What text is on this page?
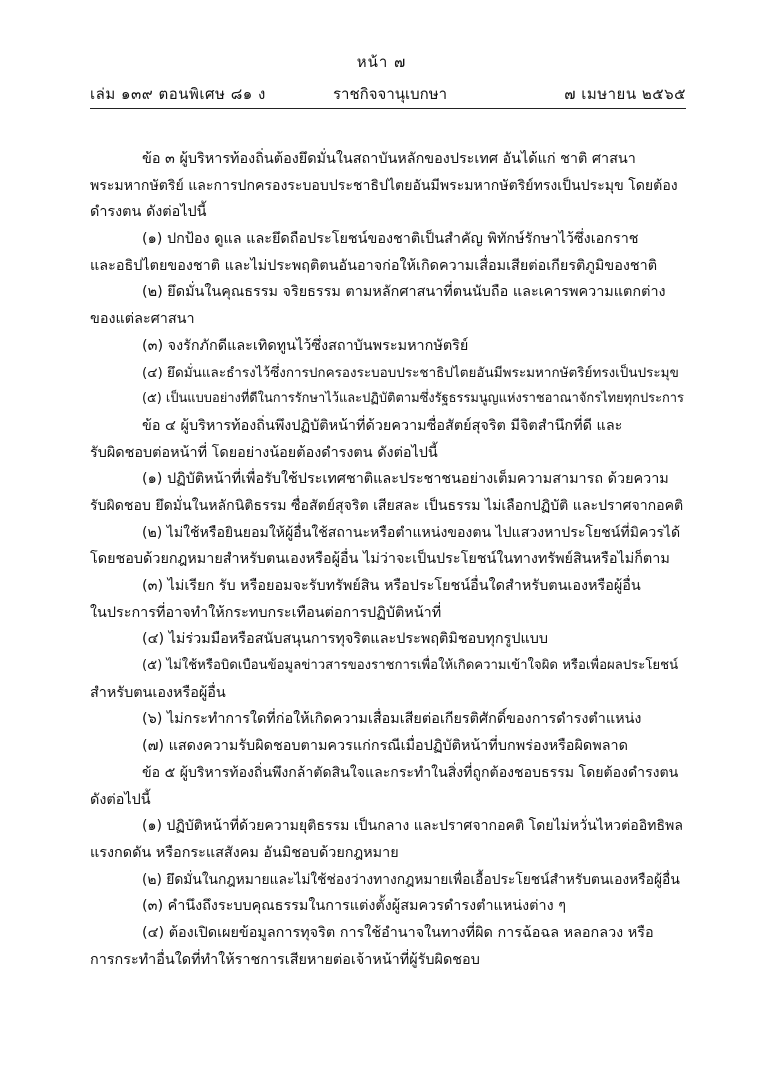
หน้า ๗
เล่ม ๑๓๙ ตอนพิเศษ ๘๑ ง	ราชกิจจานุเบกษา	๗ เมษายน ๒๕๖๕
ข้อ ๓ ผู้บริหารท้องถิ่นต้องยึดมั่นในสถาบันหลักของประเทศ อันได้แก่ ชาติ ศาสนา
พระมหากษัตริย์ และการปกครองระบอบประชาธิปไตยอันมีพระมหากษัตริย์ทรงเป็นประมุข โดยต้อง
ดำรงตน ดังต่อไปนี้
(๑) ปกป้อง ดูแล และยึดถือประโยชน์ของชาติเป็นสำคัญ พิทักษ์รักษาไว้ซึ่งเอกราช
และอธิปไตยของชาติ และไม่ประพฤติตนอันอาจก่อให้เกิดความเสื่อมเสียต่อเกียรติภูมิของชาติ
(๒) ยึดมั่นในคุณธรรม จริยธรรม ตามหลักศาสนาที่ตนนับถือ และเคารพความแตกต่าง
ของแต่ละศาสนา
(๓) จงรักภักดีและเทิดทูนไว้ซึ่งสถาบันพระมหากษัตริย์
(๔) ยึดมั่นและธำรงไว้ซึ่งการปกครองระบอบประชาธิปไตยอันมีพระมหากษัตริย์ทรงเป็นประมุข
(๕) เป็นแบบอย่างที่ดีในการรักษาไว้และปฏิบัติตามซึ่งรัฐธรรมนูญแห่งราชอาณาจักรไทยทุกประการ
ข้อ ๔ ผู้บริหารท้องถิ่นพึงปฏิบัติหน้าที่ด้วยความซื่อสัตย์สุจริต มีจิตสำนึกที่ดี และ
รับผิดชอบต่อหน้าที่ โดยอย่างน้อยต้องดำรงตน ดังต่อไปนี้
(๑) ปฏิบัติหน้าที่เพื่อรับใช้ประเทศชาติและประชาชนอย่างเต็มความสามารถ ด้วยความ
รับผิดชอบ ยึดมั่นในหลักนิติธรรม ซื่อสัตย์สุจริต เสียสละ เป็นธรรม ไม่เลือกปฏิบัติ และปราศจากอคติ
(๒) ไม่ใช้หรือยินยอมให้ผู้อื่นใช้สถานะหรือตำแหน่งของตน ไปแสวงหาประโยชน์ที่มิควรได้
โดยชอบด้วยกฎหมายสำหรับตนเองหรือผู้อื่น ไม่ว่าจะเป็นประโยชน์ในทางทรัพย์สินหรือไม่ก็ตาม
(๓) ไม่เรียก รับ หรือยอมจะรับทรัพย์สิน หรือประโยชน์อื่นใดสำหรับตนเองหรือผู้อื่น
ในประการที่อาจทำให้กระทบกระเทือนต่อการปฏิบัติหน้าที่
(๔) ไม่ร่วมมือหรือสนับสนุนการทุจริตและประพฤติมิชอบทุกรูปแบบ
(๕) ไม่ใช้หรือบิดเบือนข้อมูลข่าวสารของราชการเพื่อให้เกิดความเข้าใจผิด หรือเพื่อผลประโยชน์
สำหรับตนเองหรือผู้อื่น
(๖) ไม่กระทำการใดที่ก่อให้เกิดความเสื่อมเสียต่อเกียรติศักดิ์ของการดำรงตำแหน่ง
(๗) แสดงความรับผิดชอบตามควรแก่กรณีเมื่อปฏิบัติหน้าที่บกพร่องหรือผิดพลาด
ข้อ ๕ ผู้บริหารท้องถิ่นพึงกล้าตัดสินใจและกระทำในสิ่งที่ถูกต้องชอบธรรม โดยต้องดำรงตน
ดังต่อไปนี้
(๑) ปฏิบัติหน้าที่ด้วยความยุติธรรม เป็นกลาง และปราศจากอคติ โดยไม่หวั่นไหวต่ออิทธิพล
แรงกดดัน หรือกระแสสังคม อันมิชอบด้วยกฎหมาย
(๒) ยึดมั่นในกฎหมายและไม่ใช้ช่องว่างทางกฎหมายเพื่อเอื้อประโยชน์สำหรับตนเองหรือผู้อื่น
(๓) คำนึงถึงระบบคุณธรรมในการแต่งตั้งผู้สมควรดำรงตำแหน่งต่าง ๆ
(๔) ต้องเปิดเผยข้อมูลการทุจริต การใช้อำนาจในทางที่ผิด การฉ้อฉล หลอกลวง หรือ
การกระทำอื่นใดที่ทำให้ราชการเสียหายต่อเจ้าหน้าที่ผู้รับผิดชอบ
